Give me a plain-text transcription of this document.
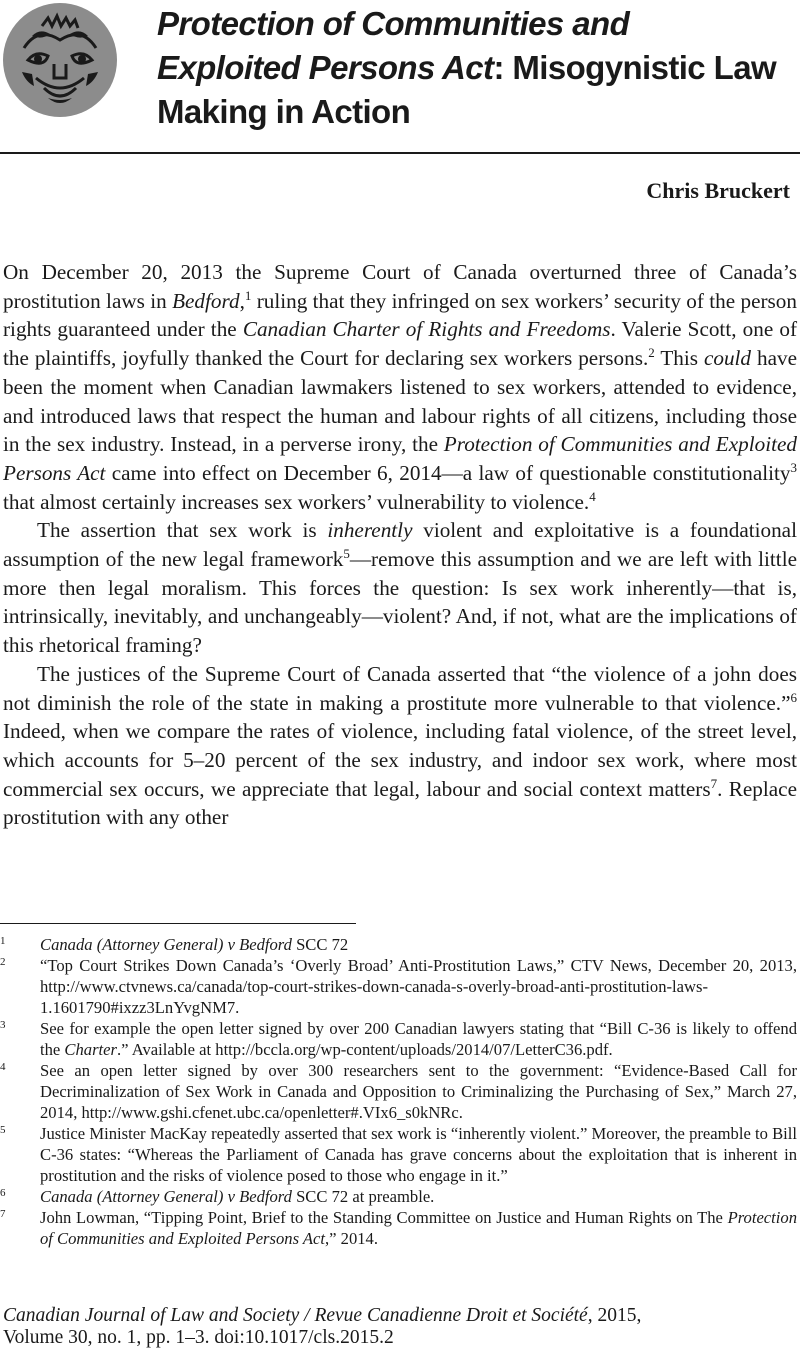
Protection of Communities and Exploited Persons Act: Misogynistic Law Making in Action
Chris Bruckert

On December 20, 2013 the Supreme Court of Canada overturned three of Canada’s prostitution laws in Bedford,$^1$ ruling that they infringed on sex workers’ security of the person rights guaranteed under the Canadian Charter of Rights and Freedoms. Valerie Scott, one of the plaintiffs, joyfully thanked the Court for declaring sex workers persons.$^2$ This could have been the moment when Canadian lawmakers listened to sex workers, attended to evidence, and introduced laws that respect the human and labour rights of all citizens, including those in the sex industry. Instead, in a perverse irony, the Protection of Communities and Exploited Persons Act came into effect on December 6, 2014—a law of questionable constitutionality$^3$ that almost certainly increases sex workers’ vulnerability to violence.$^4$

The assertion that sex work is inherently violent and exploitative is a foundational assumption of the new legal framework$^5$—remove this assumption and we are left with little more then legal moralism. This forces the question: Is sex work inherently—that is, intrinsically, inevitably, and unchangeably—violent? And, if not, what are the implications of this rhetorical framing?

The justices of the Supreme Court of Canada asserted that “the violence of a john does not diminish the role of the state in making a prostitute more vulnerable to that violence.”$^6$ Indeed, when we compare the rates of violence, including fatal violence, of the street level, which accounts for 5–20 percent of the sex industry, and indoor sex work, where most commercial sex occurs, we appreciate that legal, labour and social context matters$^7$. Replace prostitution with any other

1 Canada (Attorney General) v Bedford SCC 72
2 “Top Court Strikes Down Canada’s ‘Overly Broad’ Anti-Prostitution Laws,” CTV News, December 20, 2013, http://www.ctvnews.ca/canada/top-court-strikes-down-canada-s-overly-broad-anti-prostitution-laws-1.1601790#ixzz3LnYvgNM7.
3 See for example the open letter signed by over 200 Canadian lawyers stating that “Bill C-36 is likely to offend the Charter.” Available at http://bccla.org/wp-content/uploads/2014/07/LetterC36.pdf.
4 See an open letter signed by over 300 researchers sent to the government: “Evidence-Based Call for Decriminalization of Sex Work in Canada and Opposition to Criminalizing the Purchasing of Sex,” March 27, 2014, http://www.gshi.cfenet.ubc.ca/openletter#.VIx6_s0kNRc.
5 Justice Minister MacKay repeatedly asserted that sex work is “inherently violent.” Moreover, the preamble to Bill C-36 states: “Whereas the Parliament of Canada has grave concerns about the exploitation that is inherent in prostitution and the risks of violence posed to those who engage in it.”
6 Canada (Attorney General) v Bedford SCC 72 at preamble.
7 John Lowman, “Tipping Point, Brief to the Standing Committee on Justice and Human Rights on The Protection of Communities and Exploited Persons Act,” 2014.
Canadian Journal of Law and Society / Revue Canadienne Droit et Société, 2015,
Volume 30, no. 1, pp. 1–3. doi:10.1017/cls.2015.2
